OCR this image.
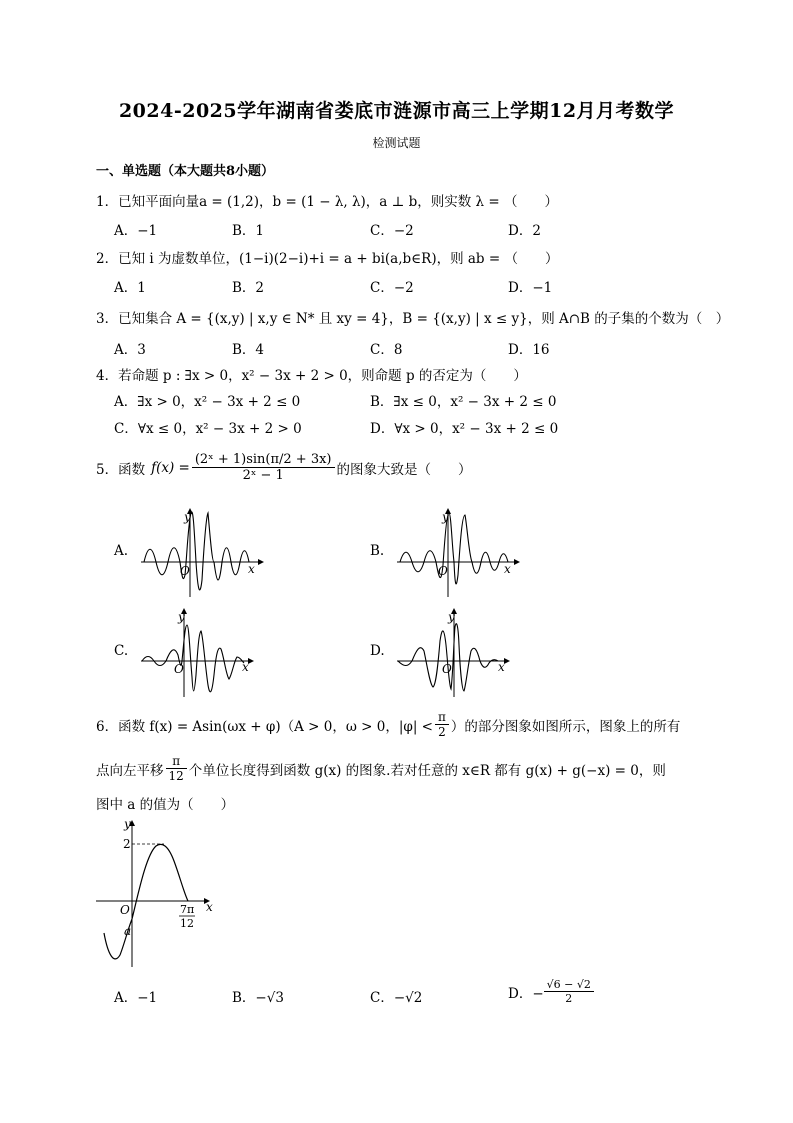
2024-2025学年湖南省娄底市涟源市高三上学期12月月考数学
检测试题
一、单选题（本大题共8小题）
1．已知平面向量a = (1,2)，b = (1 − λ, λ)，a ⊥ b，则实数 λ = （　　）
A．−1	B．1	C．−2	D．2
2．已知 i 为虚数单位，(1−i)(2−i)+i = a + bi(a,b∈R)，则 ab = （　　）
A．1	B．2	C．−2	D．−1
3．已知集合 A = {(x,y) | x,y ∈ N* 且 xy = 4}，B = {(x,y) | x ≤ y}，则 A∩B 的子集的个数为（　）
A．3	B．4	C．8	D．16
4．若命题 p : ∃x > 0，x² − 3x + 2 > 0，则命题 p 的否定为（　　）
A．∃x > 0，x² − 3x + 2 ≤ 0	B．∃x ≤ 0，x² − 3x + 2 ≤ 0
C．∀x ≤ 0，x² − 3x + 2 > 0	D．∀x > 0，x² − 3x + 2 ≤ 0
5．函数 $f(x) = \frac{\text{(2ˣ + 1)sin(π/2 + 3x)}}{\text{2ˣ − 1}}$ 的图象大致是（　　）
A.	B.
C.	D.
y
x
O
y
x
O
y
x
O
y
x
O
6．函数 f(x) = Asin(ωx + φ)（A > 0，ω > 0，$|\varphi| < \frac{\pi}{2}$ ）的部分图象如图所示，图象上的所有
点向左平移 $\frac{\pi}{12}$ 个单位长度得到函数 g(x) 的图象.若对任意的 x∈R 都有 g(x) + g(−x) = 0，则
图中 a 的值为（　　）
y
x
O
2
a
7π
12
A．−1	B．−√3	C．−√2	D．− $\frac{√6 - √2}{2}$
